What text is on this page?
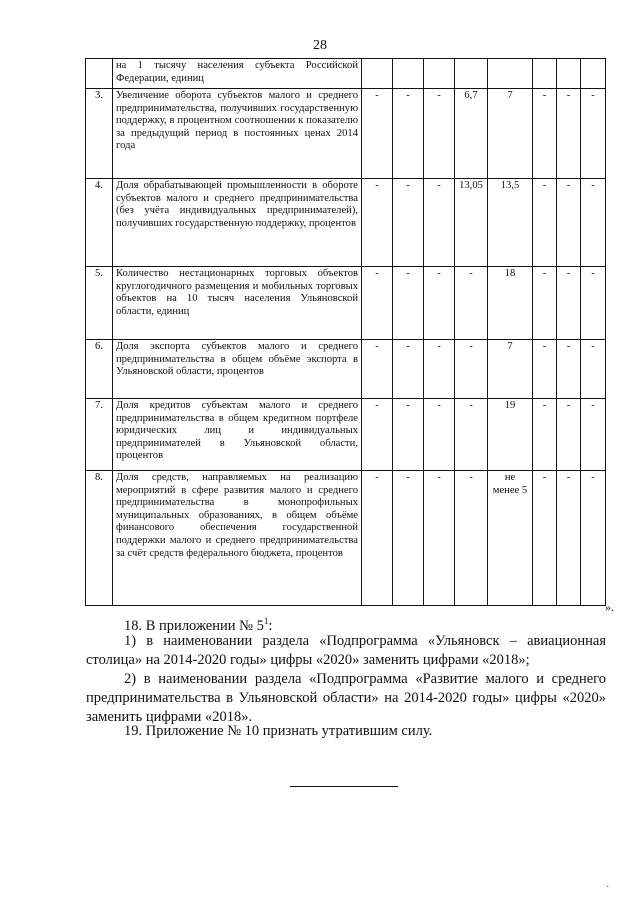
28
	на 1 тысячу населения субъекта Российской Федерации, единиц								
3.	Увеличение оборота субъектов малого и среднего предпринимательства, получивших государственную поддержку, в процентном соотношении к показателю за предыдущий период в постоянных ценах 2014 года	-	-	-	6,7	7	-	-	-
4.	Доля обрабатывающей промышленности в обороте субъектов малого и среднего предпринимательства (без учёта индивидуальных предпринимателей), получивших государственную поддержку, процентов	-	-	-	13,05	13,5	-	-	-
5.	Количество нестационарных торговых объектов круглогодичного размещения и мобильных торговых объектов на 10 тысяч населения Ульяновской области, единиц	-	-	-	-	18	-	-	-
6.	Доля экспорта субъектов малого и среднего предпринимательства в общем объёме экспорта в Ульяновской области, процентов	-	-	-	-	7	-	-	-
7.	Доля кредитов субъектам малого и среднего предпринимательства в общем кредитном портфеле юридических лиц и индивидуальных предпринимателей в Ульяновской области, процентов	-	-	-	-	19	-	-	-
8.	Доля средств, направляемых на реализацию мероприятий в сфере развития малого и среднего предпринимательства в монопрофильных муниципальных образованиях, в общем объёме финансового обеспечения государственной поддержки малого и среднего предпринимательства за счёт средств федерального бюджета, процентов	-	-	-	-	не менее 5	-	-	-
».
18. В приложении № $5^1$:
1) в наименовании раздела «Подпрограмма «Ульяновск – авиационная столица» на 2014-2020 годы» цифры «2020» заменить цифрами «2018»;
2) в наименовании раздела «Подпрограмма «Развитие малого и среднего предпринимательства в Ульяновской области» на 2014-2020 годы» цифры «2020» заменить цифрами «2018».
19. Приложение № 10 признать утратившим силу.
·
